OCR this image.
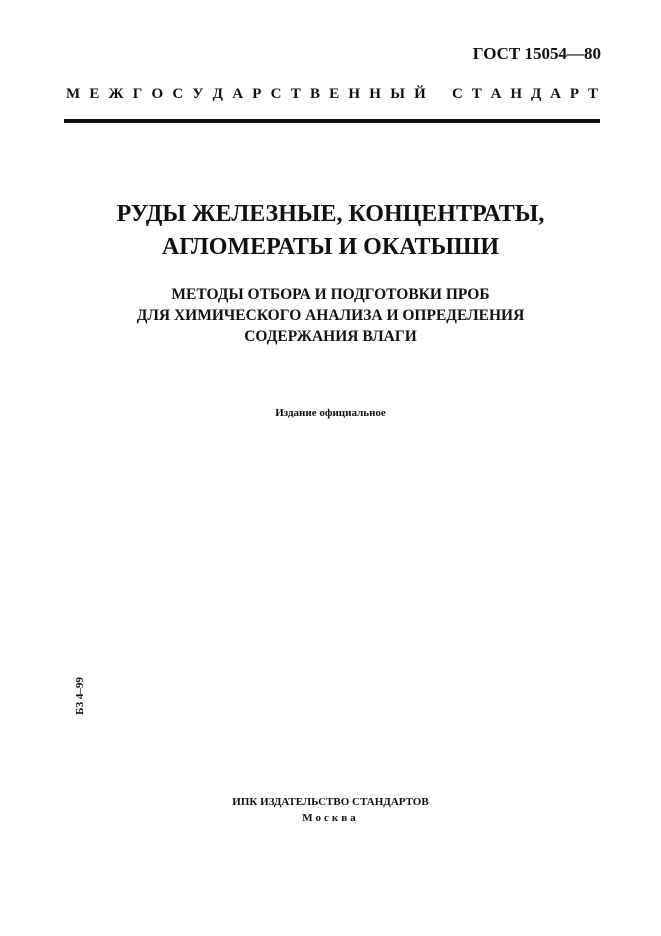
ГОСТ 15054—80
М Е Ж Г О С У Д А Р С Т В Е Н Н Ы Й С Т А Н Д А Р Т
РУДЫ ЖЕЛЕЗНЫЕ, КОНЦЕНТРАТЫ,
АГЛОМЕРАТЫ И ОКАТЫШИ
МЕТОДЫ ОТБОРА И ПОДГОТОВКИ ПРОБ
ДЛЯ ХИМИЧЕСКОГО АНАЛИЗА И ОПРЕДЕЛЕНИЯ
СОДЕРЖАНИЯ ВЛАГИ
Издание официальное
БЗ 4–99
ИПК ИЗДАТЕЛЬСТВО СТАНДАРТОВ
Москва
